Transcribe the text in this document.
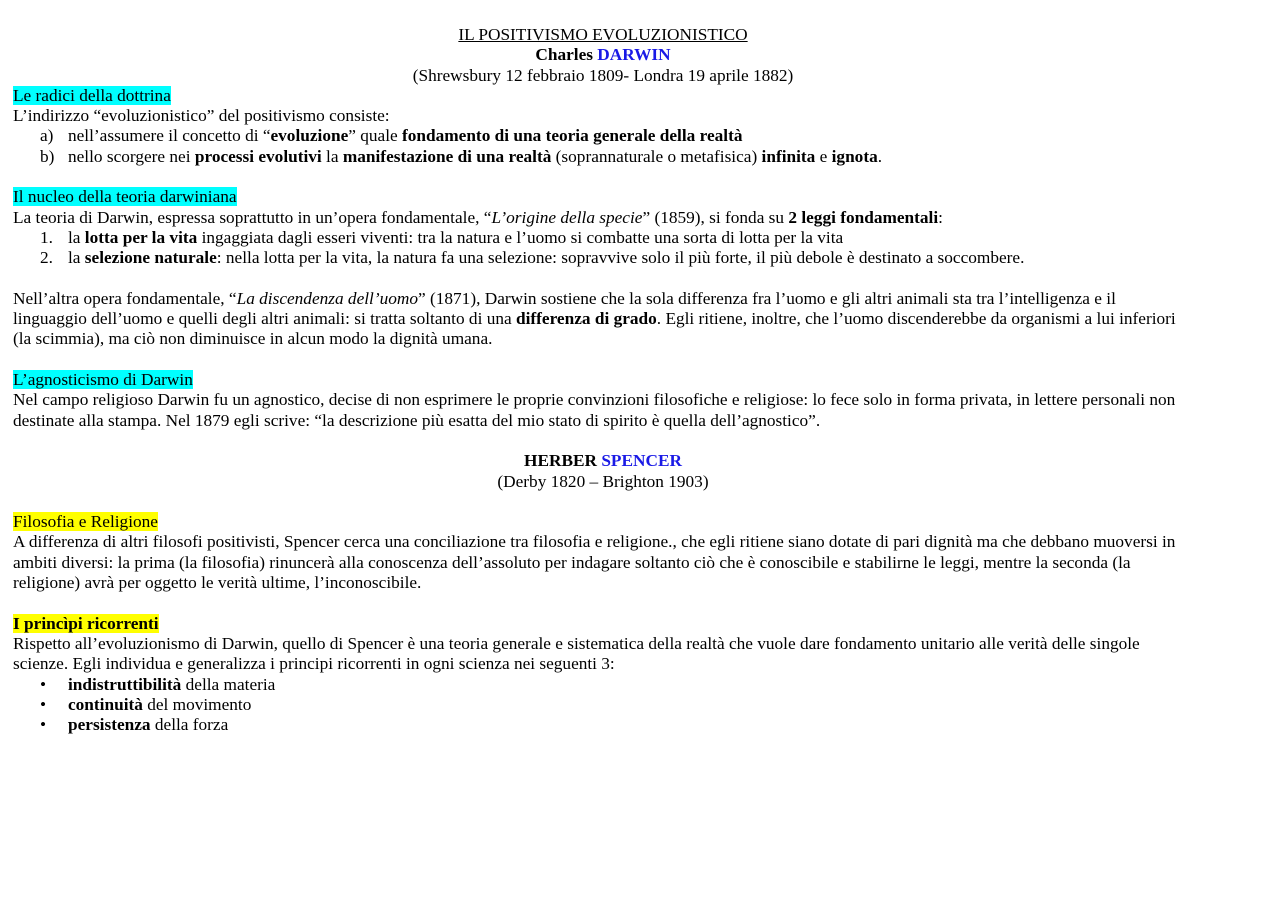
IL POSITIVISMO EVOLUZIONISTICO

Charles DARWIN

(Shrewsbury 12 febbraio 1809- Londra 19 aprile 1882)

Le radici della dottrina

L’indirizzo “evoluzionistico” del positivismo consiste:

a) nell’assumere il concetto di “evoluzione” quale fondamento di una teoria generale della realtà
b) nello scorgere nei processi evolutivi la manifestazione di una realtà (soprannaturale o metafisica) infinita e ignota.

Il nucleo della teoria darwiniana

La teoria di Darwin, espressa soprattutto in un’opera fondamentale, “L’origine della specie” (1859), si fonda su 2 leggi fondamentali:

1. la lotta per la vita ingaggiata dagli esseri viventi: tra la natura e l’uomo si combatte una sorta di lotta per la vita
2. la selezione naturale: nella lotta per la vita, la natura fa una selezione: sopravvive solo il più forte, il più debole è destinato a soccombere.

Nell’altra opera fondamentale, “La discendenza dell’uomo” (1871), Darwin sostiene che la sola differenza fra l’uomo e gli altri animali sta tra l’intelligenza e il linguaggio dell’uomo e quelli degli altri animali: si tratta soltanto di una differenza di grado. Egli ritiene, inoltre, che l’uomo discenderebbe da organismi a lui inferiori (la scimmia), ma ciò non diminuisce in alcun modo la dignità umana.

L’agnosticismo di Darwin

Nel campo religioso Darwin fu un agnostico, decise di non esprimere le proprie convinzioni filosofiche e religiose: lo fece solo in forma privata, in lettere personali non destinate alla stampa. Nel 1879 egli scrive: “la descrizione più esatta del mio stato di spirito è quella dell’agnostico”.

HERBER SPENCER

(Derby 1820 – Brighton 1903)

Filosofia e Religione

A differenza di altri filosofi positivisti, Spencer cerca una conciliazione tra filosofia e religione., che egli ritiene siano dotate di pari dignità ma che debbano muoversi in ambiti diversi: la prima (la filosofia) rinuncerà alla conoscenza dell’assoluto per indagare soltanto ciò che è conoscibile e stabilirne le leggi, mentre la seconda (la religione) avrà per oggetto le verità ultime, l’inconoscibile.

I princìpi ricorrenti

Rispetto all’evoluzionismo di Darwin, quello di Spencer è una teoria generale e sistematica della realtà che vuole dare fondamento unitario alle verità delle singole scienze. Egli individua e generalizza i principi ricorrenti in ogni scienza nei seguenti 3:

•	indistruttibilità della materia
•	continuità del movimento
•	persistenza della forza
